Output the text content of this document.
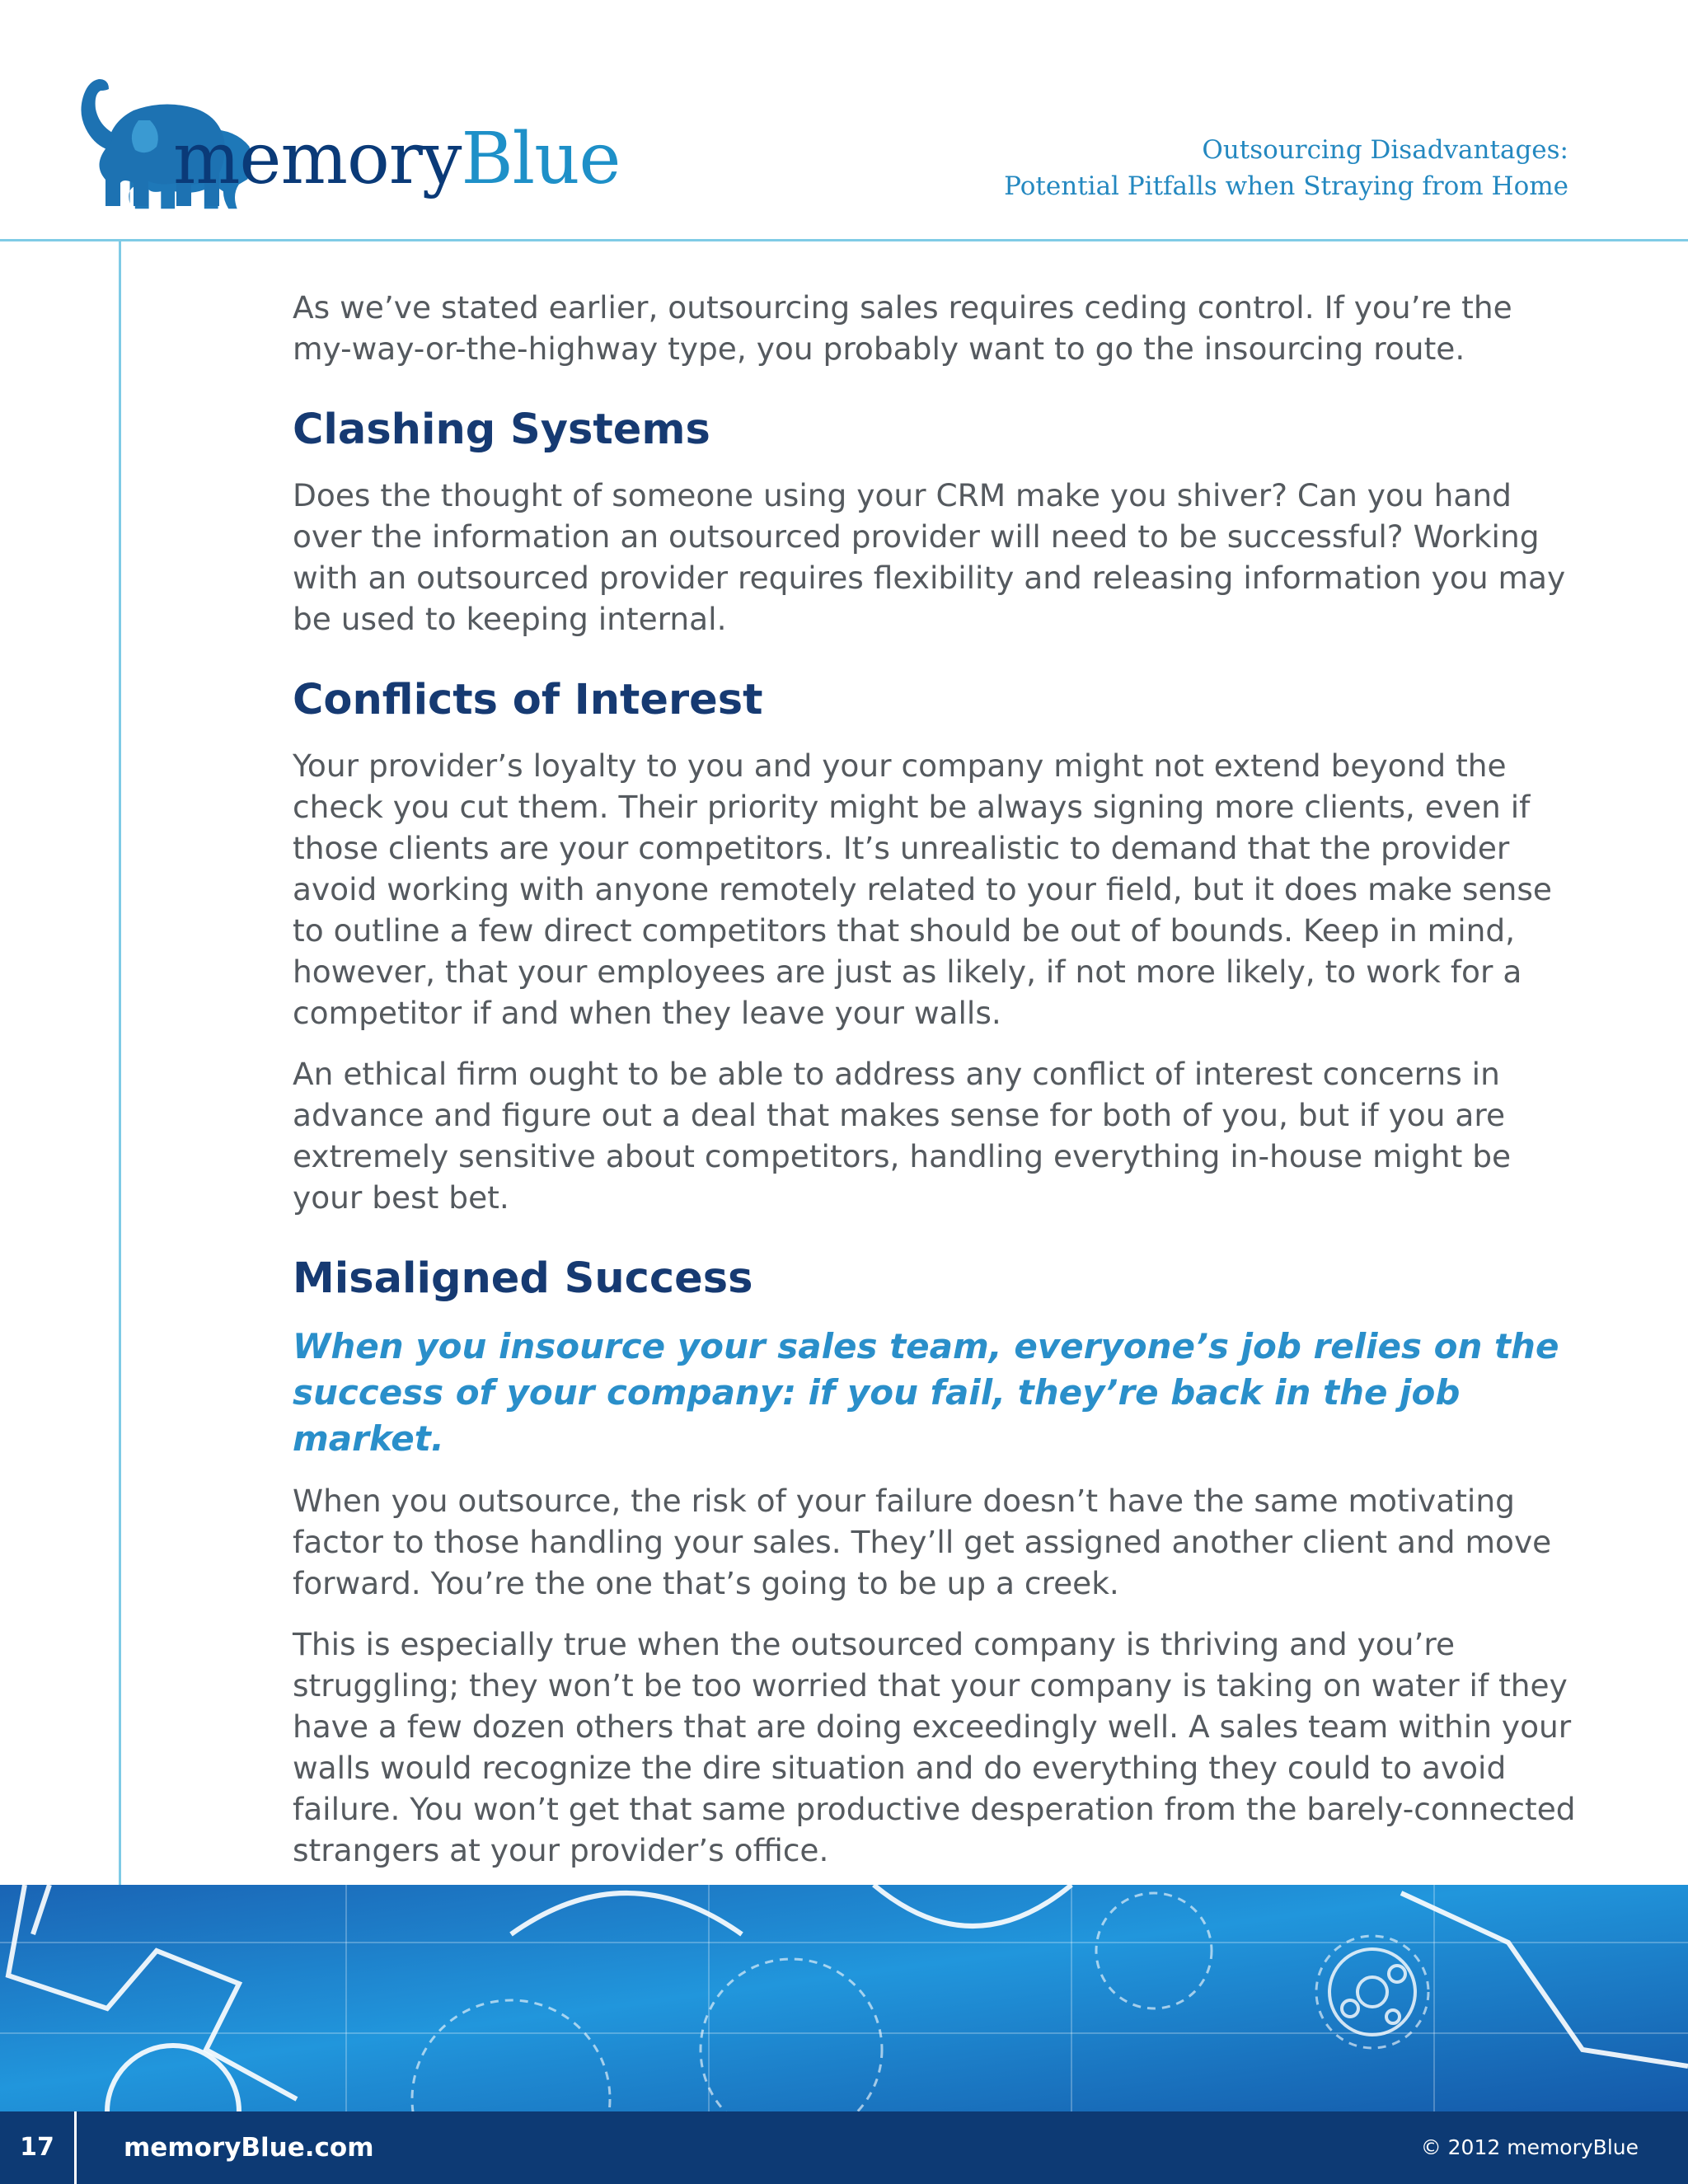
memoryBlue	Outsourcing Disadvantages:
Potential Pitfalls when Straying from Home

As we’ve stated earlier, outsourcing sales requires ceding control. If you’re the my-way-or-the-highway type, you probably want to go the insourcing route.

Clashing Systems

Does the thought of someone using your CRM make you shiver? Can you hand over the information an outsourced provider will need to be successful? Working with an outsourced provider requires flexibility and releasing information you may be used to keeping internal.

Conflicts of Interest

Your provider’s loyalty to you and your company might not extend beyond the check you cut them. Their priority might be always signing more clients, even if those clients are your competitors. It’s unrealistic to demand that the provider avoid working with anyone remotely related to your field, but it does make sense to outline a few direct competitors that should be out of bounds. Keep in mind, however, that your employees are just as likely, if not more likely, to work for a competitor if and when they leave your walls.

An ethical firm ought to be able to address any conflict of interest concerns in advance and figure out a deal that makes sense for both of you, but if you are extremely sensitive about competitors, handling everything in-house might be your best bet.

Misaligned Success

When you insource your sales team, everyone’s job relies on the success of your company: if you fail, they’re back in the job market.

When you outsource, the risk of your failure doesn’t have the same motivating factor to those handling your sales. They’ll get assigned another client and move forward. You’re the one that’s going to be up a creek.

This is especially true when the outsourced company is thriving and you’re struggling; they won’t be too worried that your company is taking on water if they have a few dozen others that are doing exceedingly well. A sales team within your walls would recognize the dire situation and do everything they could to avoid failure. You won’t get that same productive desperation from the barely-connected strangers at your provider’s office.

17	memoryBlue.com	© 2012 memoryBlue
